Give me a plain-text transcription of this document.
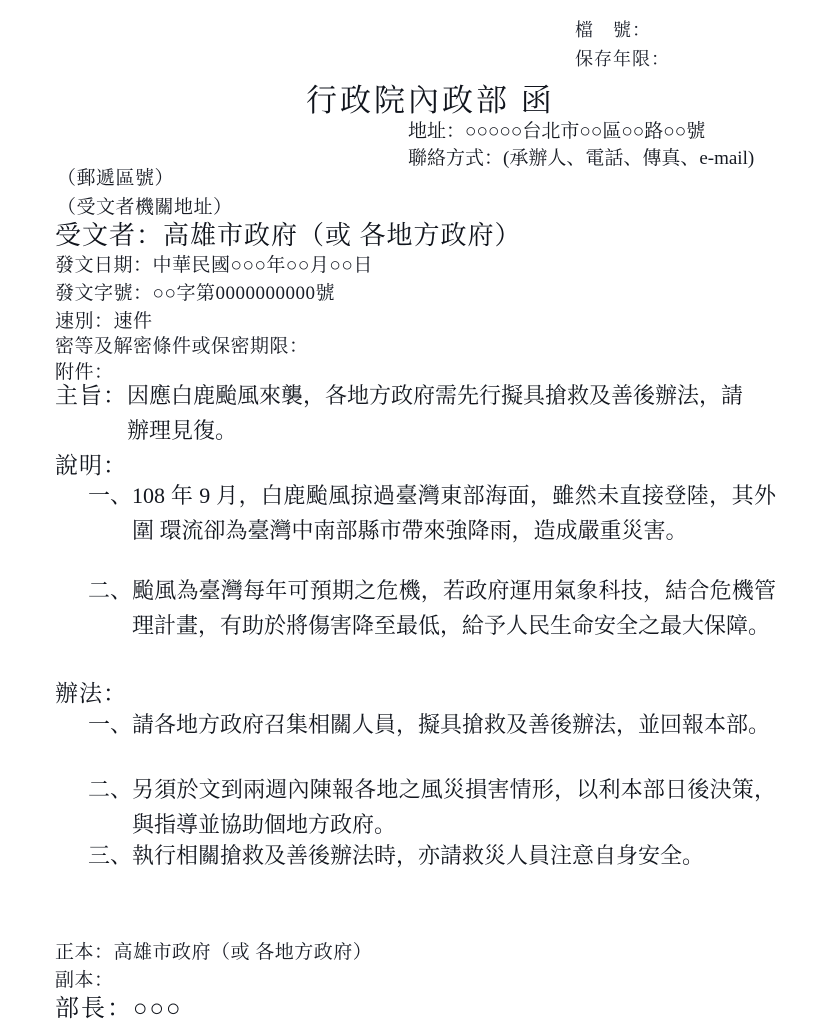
檔　號：
保存年限：
行政院內政部 函
地址：○○○○○台北市○○區○○路○○號
聯絡方式：(承辦人、電話、傳真、e-mail)
（郵遞區號）
（受文者機關地址）
受文者：高雄市政府（或 各地方政府）
發文日期：中華民國○○○年○○月○○日
發文字號：○○字第0000000000號
速別：速件
密等及解密條件或保密期限：
附件：
主旨： 因應白鹿颱風來襲，各地方政府需先行擬具搶救及善後辦法，請辦理見復。
說明：
一、 108 年 9 月，白鹿颱風掠過臺灣東部海面，雖然未直接登陸，其外圍 環流卻為臺灣中南部縣市帶來強降雨，造成嚴重災害。
二、 颱風為臺灣每年可預期之危機，若政府運用氣象科技，結合危機管理計畫，有助於將傷害降至最低，給予人民生命安全之最大保障。
辦法：
一、 請各地方政府召集相關人員，擬具搶救及善後辦法，並回報本部。
二、 另須於文到兩週內陳報各地之風災損害情形，以利本部日後決策，與指導並協助個地方政府。
三、 執行相關搶救及善後辦法時，亦請救災人員注意自身安全。
正本：高雄市政府（或 各地方政府）
副本：
部長：○○○
